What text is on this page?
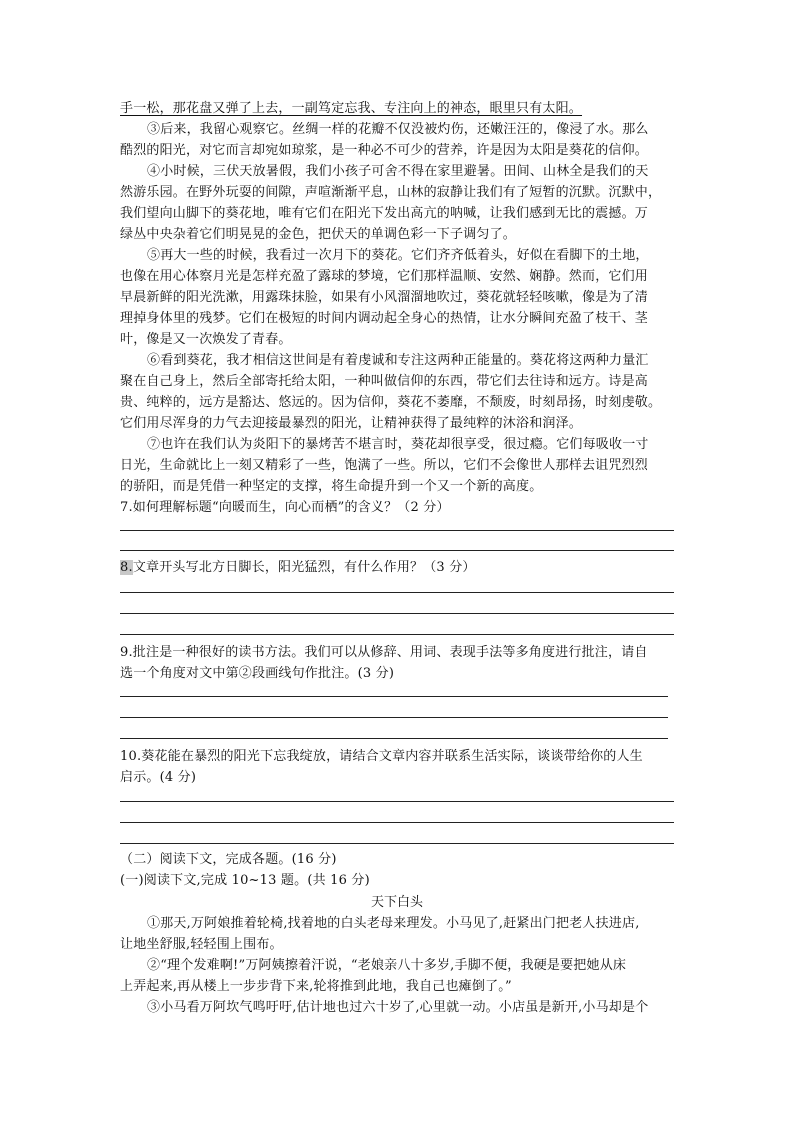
手一松，那花盘又弹了上去，一副笃定忘我、专注向上的神态，眼里只有太阳。
③后来，我留心观察它。丝绸一样的花瓣不仅没被灼伤，还嫩汪汪的，像浸了水。那么
酷烈的阳光，对它而言却宛如琼浆，是一种必不可少的营养，许是因为太阳是葵花的信仰。
④小时候，三伏天放暑假，我们小孩子可舍不得在家里避暑。田间、山林全是我们的天
然游乐园。在野外玩耍的间隙，声喧渐渐平息，山林的寂静让我们有了短暂的沉默。沉默中，
我们望向山脚下的葵花地，唯有它们在阳光下发出高亢的呐喊，让我们感到无比的震撼。万
绿丛中央杂着它们明晃晃的金色，把伏天的单调色彩一下子调匀了。
⑤再大一些的时候，我看过一次月下的葵花。它们齐齐低着头，好似在看脚下的土地，
也像在用心体察月光是怎样充盈了露球的梦境，它们那样温顺、安然、娴静。然而，它们用
早晨新鲜的阳光洗漱，用露珠抹脸，如果有小风溜溜地吹过，葵花就轻轻咳嗽，像是为了清
理掉身体里的残梦。它们在极短的时间内调动起全身心的热情，让水分瞬间充盈了枝干、茎
叶，像是又一次焕发了青春。
⑥看到葵花，我才相信这世间是有着虔诚和专注这两种正能量的。葵花将这两种力量汇
聚在自己身上，然后全部寄托给太阳，一种叫做信仰的东西，带它们去往诗和远方。诗是高
贵、纯粹的，远方是豁达、悠远的。因为信仰，葵花不萎靡，不颓废，时刻昂扬，时刻虔敬。
它们用尽浑身的力气去迎接最暴烈的阳光，让精神获得了最纯粹的沐浴和润泽。
⑦也许在我们认为炎阳下的暴烤苦不堪言时，葵花却很享受，很过瘾。它们每吸收一寸
日光，生命就比上一刻又精彩了一些，饱满了一些。所以，它们不会像世人那样去诅咒烈烈
的骄阳，而是凭借一种坚定的支撑，将生命提升到一个又一个新的高度。
7.如何理解标题“向暖而生，向心而栖”的含义？（2 分）
8.文章开头写北方日脚长，阳光猛烈，有什么作用？（3 分）
9.批注是一种很好的读书方法。我们可以从修辞、用词、表现手法等多角度进行批注，请自
选一个角度对文中第②段画线句作批注。(3 分)
10.葵花能在暴烈的阳光下忘我绽放，请结合文章内容并联系生活实际，谈谈带给你的人生
启示。(4 分)
（二）阅读下文，完成各题。(16 分)
(一)阅读下文,完成 10~13 题。(共 16 分)
天下白头
①那天,万阿娘推着轮椅,找着地的白头老母来理发。小马见了,赶紧出门把老人扶进店,
让地坐舒服,轻轻围上围布。
②“理个发难啊!”万阿姨擦着汗说，“老娘亲八十多岁,手脚不便，我硬是要把她从床
上弄起来,再从楼上一步步背下来,轮将推到此地，我自己也瘫倒了。”
③小马看万阿坎气鸣吁吁,估计地也过六十岁了,心里就一动。小店虽是新开,小马却是个
